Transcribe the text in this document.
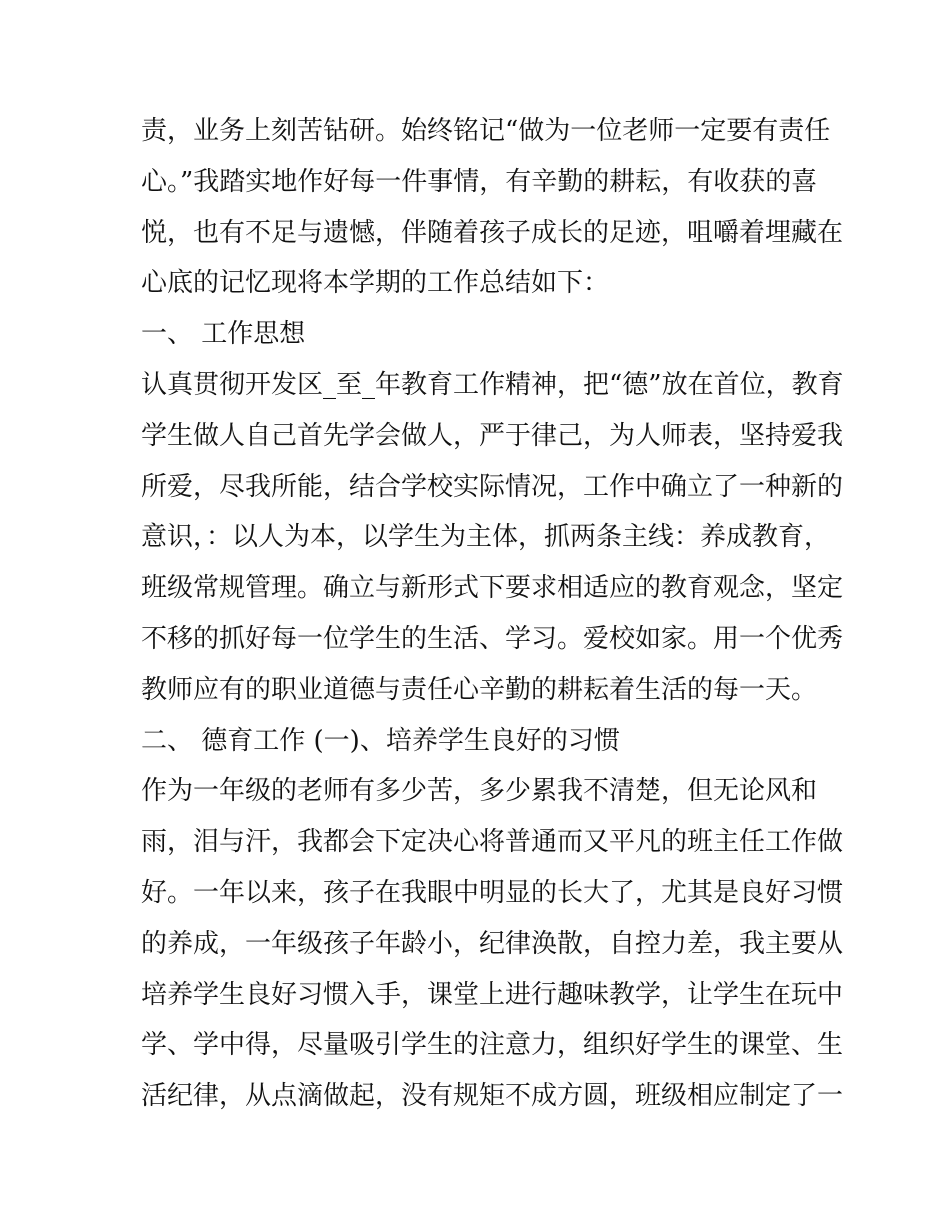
责，业务上刻苦钻研。始终铭记“做为一位老师一定要有责任
心。”我踏实地作好每一件事情，有辛勤的耕耘，有收获的喜
悦，也有不足与遗憾，伴随着孩子成长的足迹，咀嚼着埋藏在
心底的记忆现将本学期的工作总结如下：
一、 工作思想
认真贯彻开发区_至_年教育工作精神，把“德”放在首位，教育
学生做人自己首先学会做人，严于律己，为人师表，坚持爱我
所爱，尽我所能，结合学校实际情况，工作中确立了一种新的
意识，：以人为本，以学生为主体，抓两条主线：养成教育，
班级常规管理。确立与新形式下要求相适应的教育观念，坚定
不移的抓好每一位学生的生活、学习。爱校如家。用一个优秀
教师应有的职业道德与责任心辛勤的耕耘着生活的每一天。
二、 德育工作 (一)、培养学生良好的习惯
作为一年级的老师有多少苦，多少累我不清楚，但无论风和
雨，泪与汗，我都会下定决心将普通而又平凡的班主任工作做
好。一年以来，孩子在我眼中明显的长大了，尤其是良好习惯
的养成，一年级孩子年龄小，纪律涣散，自控力差，我主要从
培养学生良好习惯入手，课堂上进行趣味教学，让学生在玩中
学、学中得，尽量吸引学生的注意力，组织好学生的课堂、生
活纪律，从点滴做起，没有规矩不成方圆，班级相应制定了一
